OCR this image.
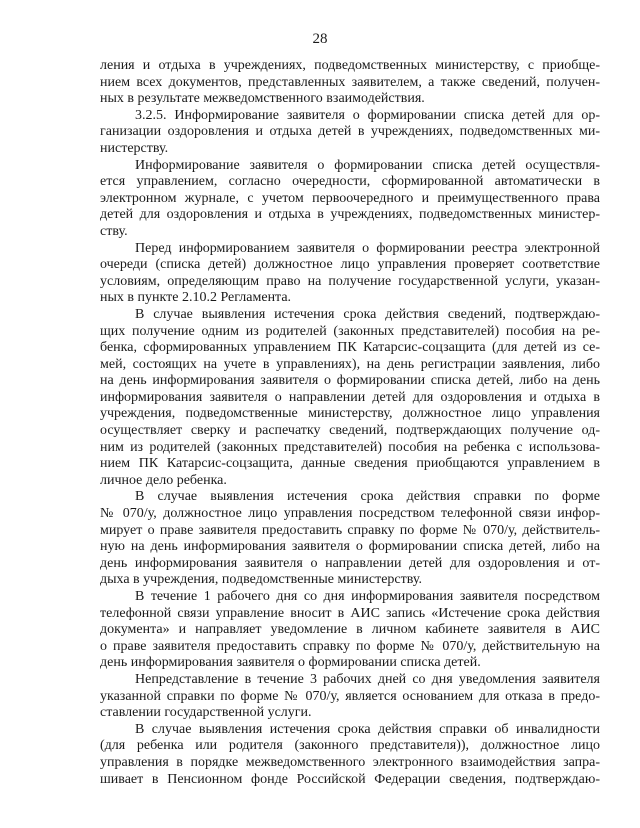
28
ления и отдыха в учреждениях, подведомственных министерству, с приобще-
нием всех документов, представленных заявителем, а также сведений, получен-
ных в результате межведомственного взаимодействия.
3.2.5. Информирование заявителя о формировании списка детей для ор-
ганизации оздоровления и отдыха детей в учреждениях, подведомственных ми-
нистерству.
Информирование заявителя о формировании списка детей осуществля-
ется управлением, согласно очередности, сформированной автоматически в
электронном журнале, с учетом первоочередного и преимущественного права
детей для оздоровления и отдыха в учреждениях, подведомственных министер-
ству.
Перед информированием заявителя о формировании реестра электронной
очереди (списка детей) должностное лицо управления проверяет соответствие
условиям, определяющим право на получение государственной услуги, указан-
ных в пункте 2.10.2 Регламента.
В случае выявления истечения срока действия сведений, подтверждаю-
щих получение одним из родителей (законных представителей) пособия на ре-
бенка, сформированных управлением ПК Катарсис-соцзащита (для детей из се-
мей, состоящих на учете в управлениях), на день регистрации заявления, либо
на день информирования заявителя о формировании списка детей, либо на день
информирования заявителя о направлении детей для оздоровления и отдыха в
учреждения, подведомственные министерству, должностное лицо управления
осуществляет сверку и распечатку сведений, подтверждающих получение од-
ним из родителей (законных представителей) пособия на ребенка с использова-
нием ПК Катарсис-соцзащита, данные сведения приобщаются управлением в
личное дело ребенка.
В случае выявления истечения срока действия справки по форме
№ 070/у, должностное лицо управления посредством телефонной связи инфор-
мирует о праве заявителя предоставить справку по форме № 070/у, действитель-
ную на день информирования заявителя о формировании списка детей, либо на
день информирования заявителя о направлении детей для оздоровления и от-
дыха в учреждения, подведомственные министерству.
В течение 1 рабочего дня со дня информирования заявителя посредством
телефонной связи управление вносит в АИС запись «Истечение срока действия
документа» и направляет уведомление в личном кабинете заявителя в АИС
о праве заявителя предоставить справку по форме № 070/у, действительную на
день информирования заявителя о формировании списка детей.
Непредставление в течение 3 рабочих дней со дня уведомления заявителя
указанной справки по форме № 070/у, является основанием для отказа в предо-
ставлении государственной услуги.
В случае выявления истечения срока действия справки об инвалидности
(для ребенка или родителя (законного представителя)), должностное лицо
управления в порядке межведомственного электронного взаимодействия запра-
шивает в Пенсионном фонде Российской Федерации сведения, подтверждаю-
